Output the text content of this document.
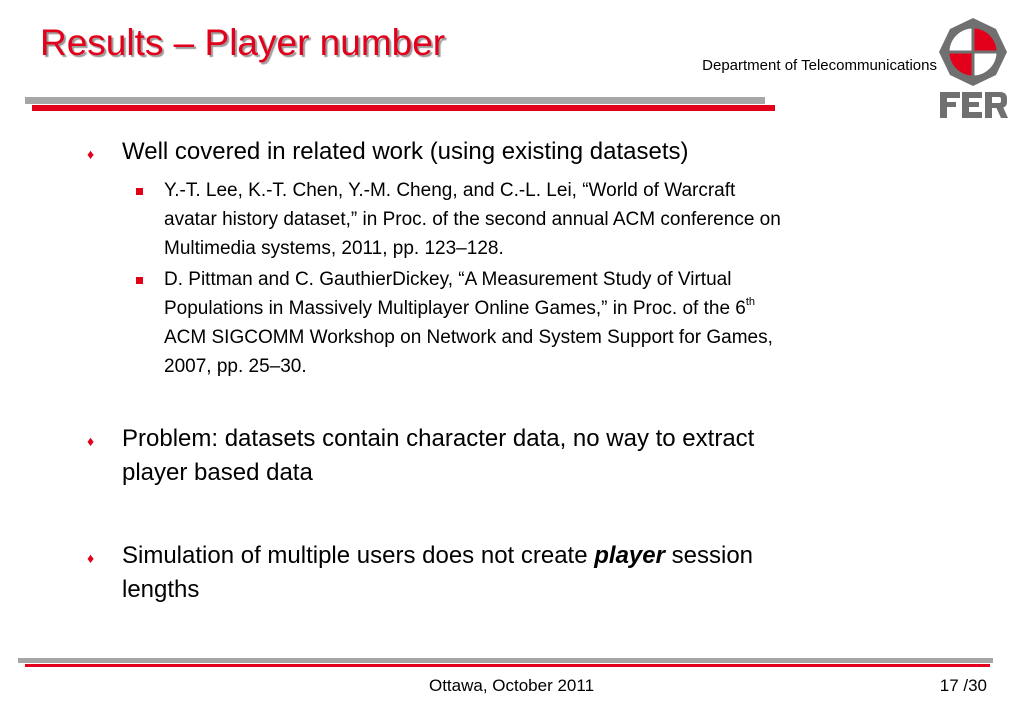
Results – Player number
Department of Telecommunications
♦ Well covered in related work (using existing datasets)
Y.-T. Lee, K.-T. Chen, Y.-M. Cheng, and C.-L. Lei, “World of Warcraft
avatar history dataset,” in Proc. of the second annual ACM conference on
Multimedia systems, 2011, pp. 123–128.
D. Pittman and C. GauthierDickey, “A Measurement Study of Virtual
Populations in Massively Multiplayer Online Games,” in Proc. of the 6th
ACM SIGCOMM Workshop on Network and System Support for Games,
2007, pp. 25–30.
♦ Problem: datasets contain character data, no way to extract
player based data
♦ Simulation of multiple users does not create player session
lengths
Ottawa, October 2011	17 /30
